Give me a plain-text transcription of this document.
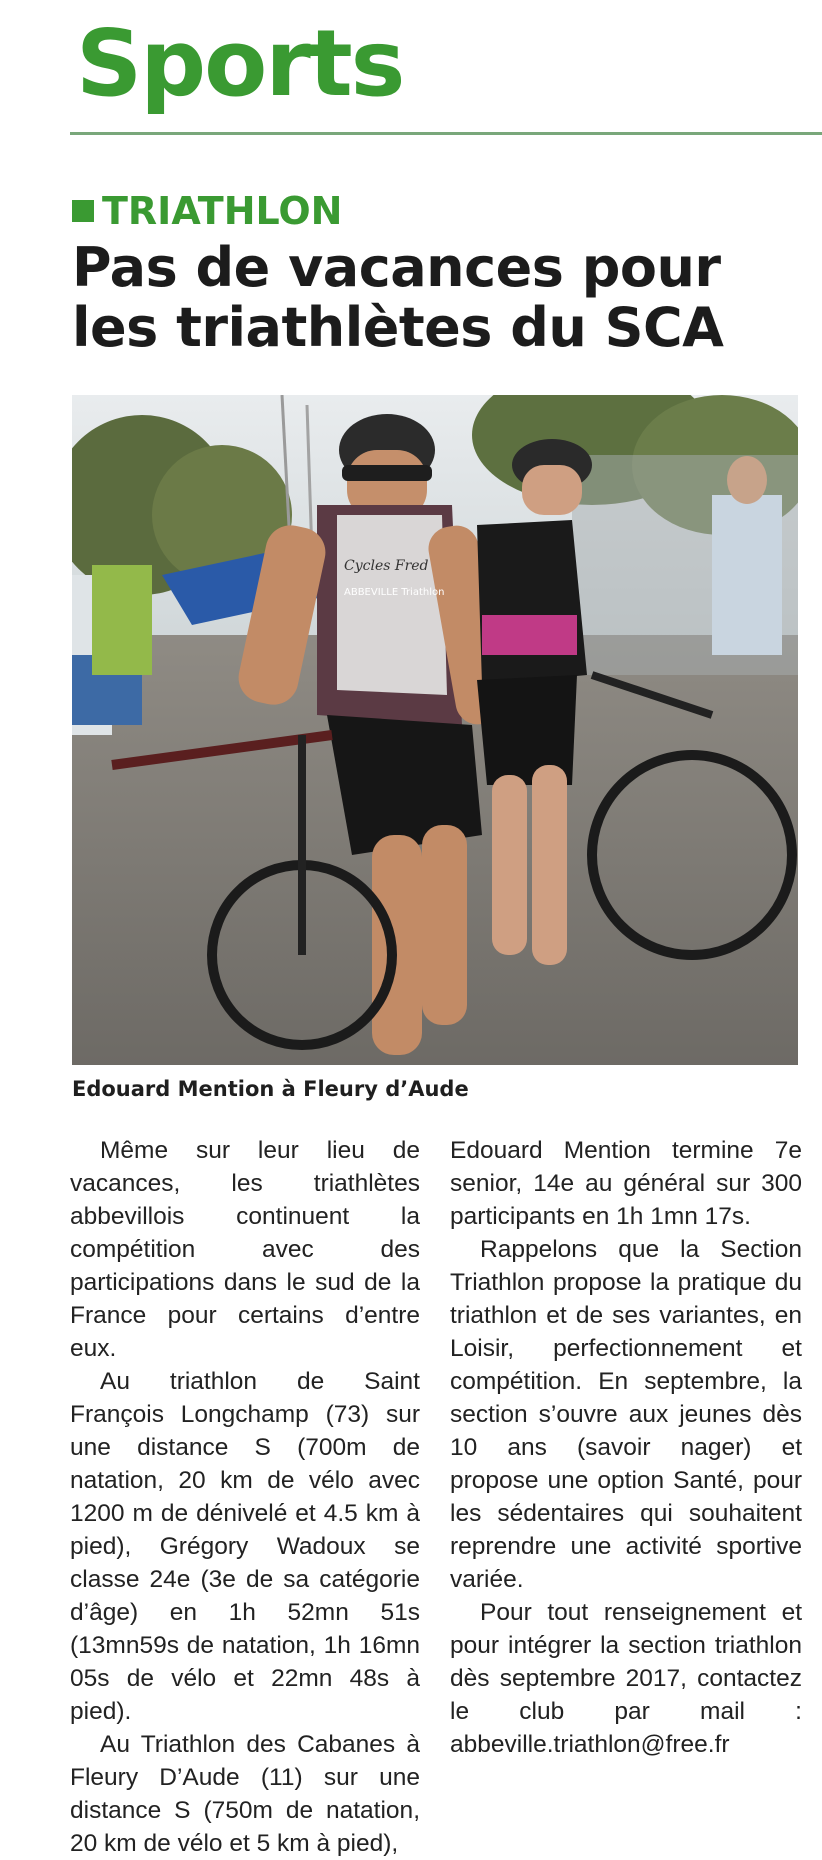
Sports
TRIATHLON
Pas de vacances pour les triathlètes du SCA
Cycles Fred
ABBEVILLE Triathlon
Edouard Mention à Fleury d’Aude

Même sur leur lieu de vacances, les triathlètes abbevillois continuent la compétition avec des participations dans le sud de la France pour certains d’entre eux.

Au triathlon de Saint François Longchamp (73) sur une distance S (700m de natation, 20 km de vélo avec 1200 m de dénivelé et 4.5 km à pied), Grégory Wadoux se classe 24e (3e de sa catégorie d’âge) en 1h 52mn 51s (13mn59s de natation, 1h 16mn 05s de vélo et 22mn 48s à pied).

Au Triathlon des Cabanes à Fleury D’Aude (11) sur une distance S (750m de natation, 20 km de vélo et 5 km à pied),

Edouard Mention termine 7e senior, 14e au général sur 300 participants en 1h 1mn 17s.

Rappelons que la Section Triathlon propose la pratique du triathlon et de ses variantes, en Loisir, perfectionnement et compétition. En septembre, la section s’ouvre aux jeunes dès 10 ans (savoir nager) et propose une option Santé, pour les sédentaires qui souhaitent reprendre une activité sportive variée.

Pour tout renseignement et pour intégrer la section triathlon dès septembre 2017, contactez le club par mail : abbeville.triathlon@free.fr
